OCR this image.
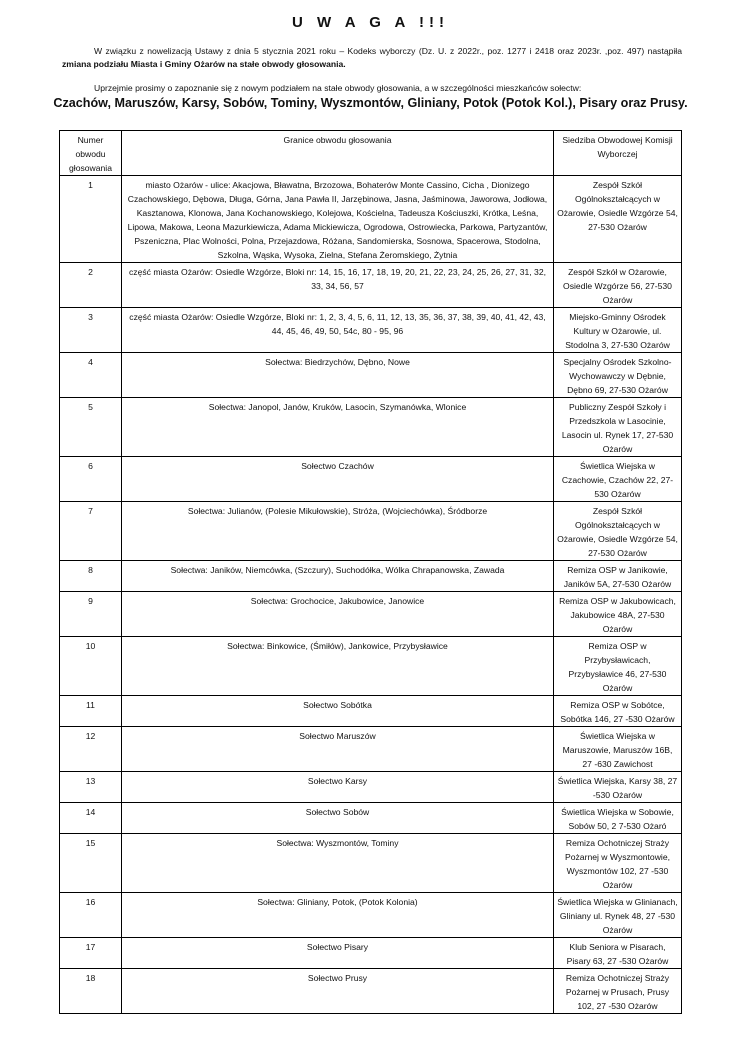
U W A G A !!!
W związku z nowelizacją Ustawy z dnia 5 stycznia 2021 roku – Kodeks wyborczy (Dz. U. z 2022r., poz. 1277 i 2418 oraz 2023r. ,poz. 497) nastąpiła zmiana podziału Miasta i Gminy Ożarów na stałe obwody głosowania.
Uprzejmie prosimy o zapoznanie się z nowym podziałem na stałe obwody głosowania, a w szczególności mieszkańców sołectw:
Czachów, Maruszów, Karsy, Sobów, Tominy, Wyszmontów, Gliniany, Potok (Potok Kol.), Pisary oraz Prusy.
Numer obwodu głosowania	Granice obwodu głosowania	Siedziba Obwodowej Komisji Wyborczej
1	miasto Ożarów - ulice: Akacjowa, Bławatna, Brzozowa, Bohaterów Monte Cassino, Cicha , Dionizego Czachowskiego, Dębowa, Długa, Górna, Jana Pawła II, Jarzębinowa, Jasna, Jaśminowa, Jaworowa, Jodłowa, Kasztanowa, Klonowa, Jana Kochanowskiego, Kolejowa, Kościelna, Tadeusza Kościuszki, Krótka, Leśna, Lipowa, Makowa, Leona Mazurkiewicza, Adama Mickiewicza, Ogrodowa, Ostrowiecka, Parkowa, Partyzantów, Pszeniczna, Plac Wolności, Polna, Przejazdowa, Różana, Sandomierska, Sosnowa, Spacerowa, Stodolna, Szkolna, Wąska, Wysoka, Zielna, Stefana Żeromskiego, Żytnia	Zespół Szkół Ogólnokształcących w Ożarowie, Osiedle Wzgórze 54, 27-530 Ożarów
2	część miasta Ożarów: Osiedle Wzgórze, Bloki nr: 14, 15, 16, 17, 18, 19, 20, 21, 22, 23, 24, 25, 26, 27, 31, 32, 33, 34, 56, 57	Zespół Szkół w Ożarowie, Osiedle Wzgórze 56, 27-530 Ożarów
3	część miasta Ożarów: Osiedle Wzgórze, Bloki nr: 1, 2, 3, 4, 5, 6, 11, 12, 13, 35, 36, 37, 38, 39, 40, 41, 42, 43, 44, 45, 46, 49, 50, 54c, 80 - 95, 96	Miejsko-Gminny Ośrodek Kultury w Ożarowie, ul. Stodolna 3, 27-530 Ożarów
4	Sołectwa: Biedrzychów, Dębno, Nowe	Specjalny Ośrodek Szkolno-Wychowawczy w Dębnie, Dębno 69, 27-530 Ożarów
5	Sołectwa: Janopol, Janów, Kruków, Lasocin, Szymanówka, Wlonice	Publiczny Zespół Szkoły i Przedszkola w Lasocinie, Lasocin ul. Rynek 17, 27-530 Ożarów
6	Sołectwo Czachów	Świetlica Wiejska w Czachowie, Czachów 22, 27-530 Ożarów
7	Sołectwa: Julianów, (Polesie Mikułowskie), Stróża, (Wojciechówka), Śródborze	Zespół Szkół Ogólnokształcących w Ożarowie, Osiedle Wzgórze 54, 27-530 Ożarów
8	Sołectwa: Janików, Niemcówka, (Szczury), Suchodółka, Wólka Chrapanowska, Zawada	Remiza OSP w Janikowie, Janików 5A, 27-530 Ożarów
9	Sołectwa: Grochocice, Jakubowice, Janowice	Remiza OSP w Jakubowicach, Jakubowice 48A, 27-530 Ożarów
10	Sołectwa: Binkowice, (Śmiłów), Jankowice, Przybysławice	Remiza OSP w Przybysławicach, Przybysławice 46, 27-530 Ożarów
11	Sołectwo Sobótka	Remiza OSP w Sobótce, Sobótka 146, 27 -530 Ożarów
12	Sołectwo Maruszów	Świetlica Wiejska w Maruszowie, Maruszów 16B, 27 -630 Zawichost
13	Sołectwo Karsy	Świetlica Wiejska, Karsy 38, 27 -530 Ożarów
14	Sołectwo Sobów	Świetlica Wiejska w Sobowie, Sobów 50, 2 7-530 Ożaró
15	Sołectwa: Wyszmontów, Tominy	Remiza Ochotniczej Straży Pożarnej w Wyszmontowie, Wyszmontów 102, 27 -530 Ożarów
16	Sołectwa: Gliniany, Potok, (Potok Kolonia)	Świetlica Wiejska w Glinianach, Gliniany ul. Rynek 48, 27 -530 Ożarów
17	Sołectwo Pisary	Klub Seniora w Pisarach, Pisary 63, 27 -530 Ożarów
18	Sołectwo Prusy	Remiza Ochotniczej Straży Pożarnej w Prusach, Prusy 102, 27 -530 Ożarów
